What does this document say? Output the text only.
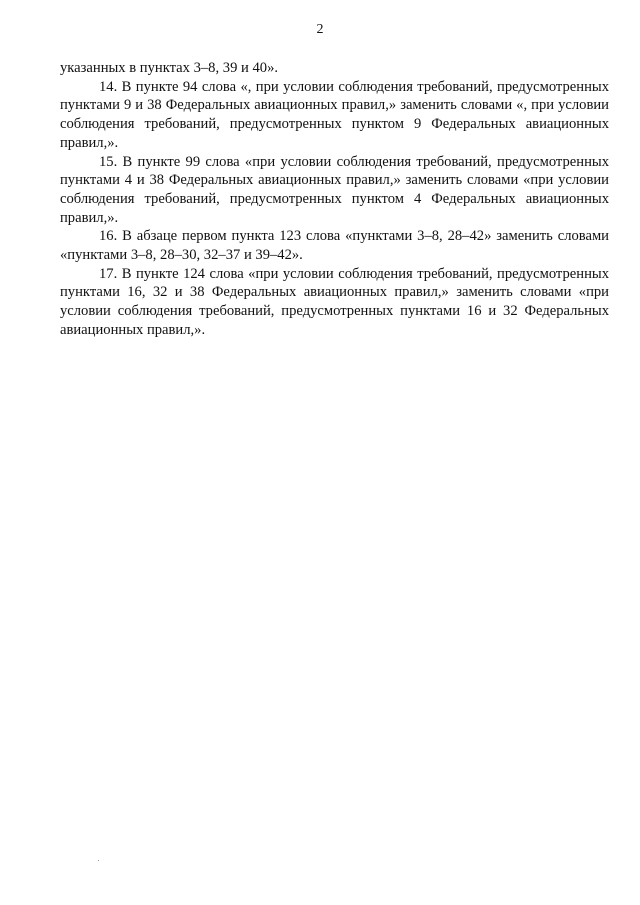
2

указанных в пунктах 3–8, 39 и 40».

14. В пункте 94 слова «, при условии соблюдения требований, предусмотренных пунктами 9 и 38 Федеральных авиационных правил,» заменить словами «, при условии соблюдения требований, предусмотренных пунктом 9 Федеральных авиационных правил,».

15. В пункте 99 слова «при условии соблюдения требований, предусмотренных пунктами 4 и 38 Федеральных авиационных правил,» заменить словами «при условии соблюдения требований, предусмотренных пунктом 4 Федеральных авиационных правил,».

16. В абзаце первом пункта 123 слова «пунктами 3–8, 28–42» заменить словами «пунктами 3–8, 28–30, 32–37 и 39–42».

17. В пункте 124 слова «при условии соблюдения требований, предусмотренных пунктами 16, 32 и 38 Федеральных авиационных правил,» заменить словами «при условии соблюдения требований, предусмотренных пунктами 16 и 32 Федеральных авиационных правил,».
